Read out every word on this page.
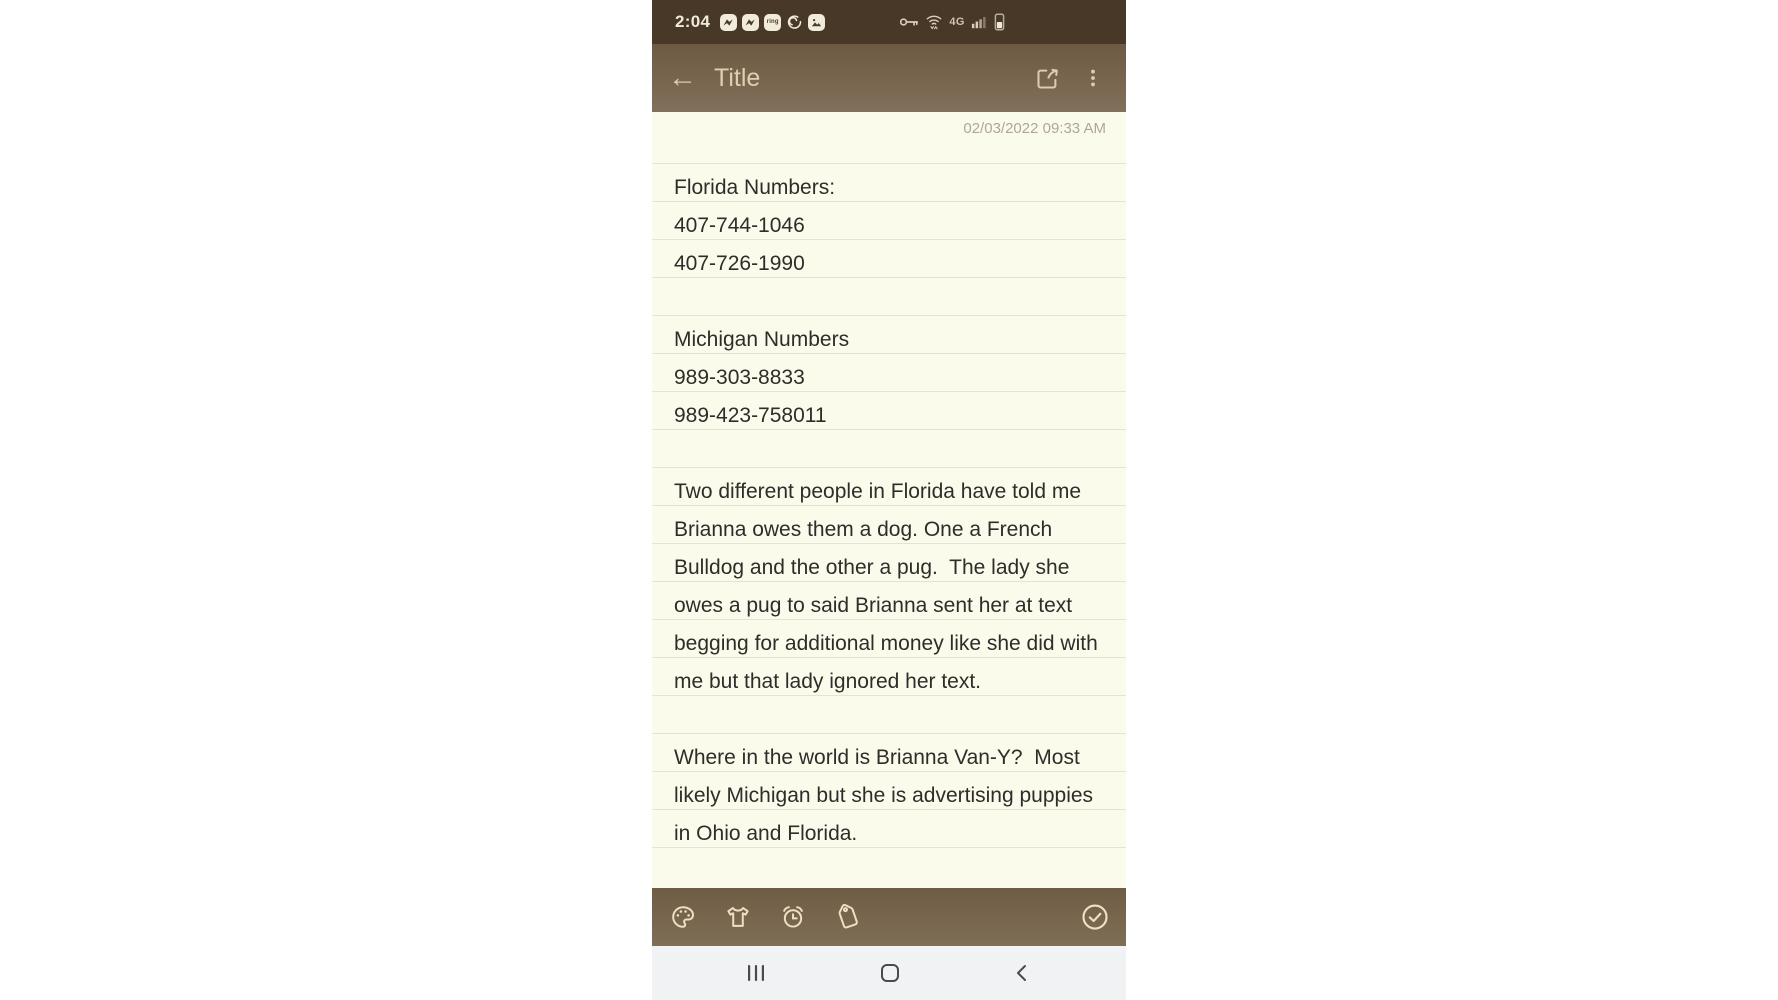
2:04	ring	4G
← Title
02/03/2022 09:33 AM
Florida Numbers:
407-744-1046
407-726-1990
Michigan Numbers
989-303-8833
989-423-758011
Two different people in Florida have told me
Brianna owes them a dog. One a French
Bulldog and the other a pug.  The lady she
owes a pug to said Brianna sent her at text
begging for additional money like she did with
me but that lady ignored her text.
Where in the world is Brianna Van-Y?  Most
likely Michigan but she is advertising puppies
in Ohio and Florida.
